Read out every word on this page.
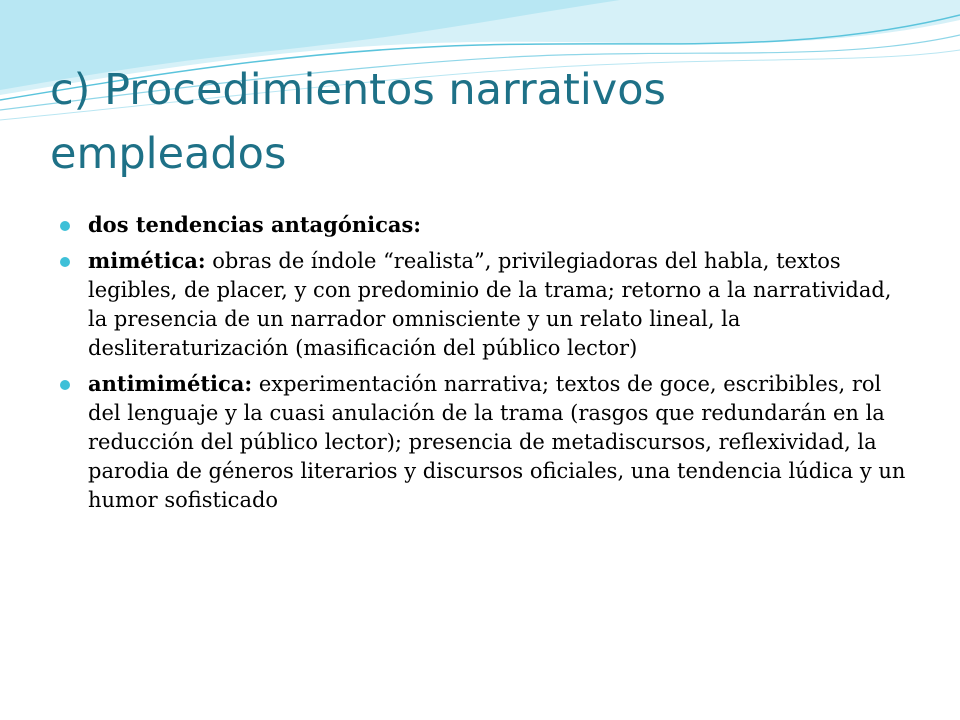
c) Procedimientos narrativos empleados
dos tendencias antagónicas:
mimética: obras de índole “realista”, privilegiadoras del habla, textos legibles, de placer, y con predominio de la trama; retorno a la narratividad, la presencia de un narrador omnisciente y un relato lineal, la desliteraturización (masificación del público lector)
antimimética: experimentación narrativa; textos de goce, escribibles, rol del lenguaje y la cuasi anulación de la trama (rasgos que redundarán en la reducción del público lector); presencia de metadiscursos, reflexividad, la parodia de géneros literarios y discursos oficiales, una tendencia lúdica y un humor sofisticado
